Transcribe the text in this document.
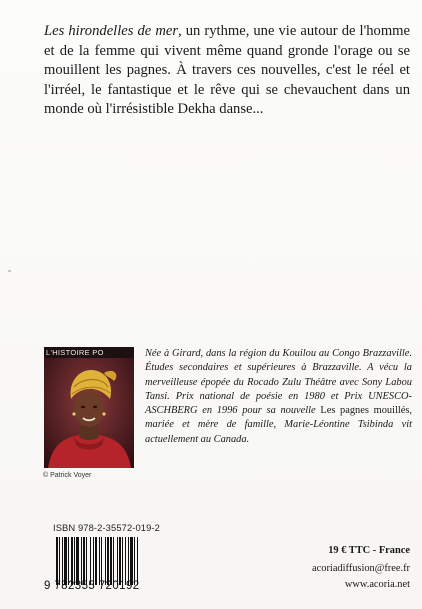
Les hirondelles de mer, un rythme, une vie autour de l'homme et de la femme qui vivent même quand gronde l'orage ou se mouillent les pagnes. À travers ces nouvelles, c'est le réel et l'irréel, le fantastique et le rêve qui se chevauchent dans un monde où l'irrésistible Dekha danse...

L'HISTOIRE PO
© Patrick Voyer

Née à Girard, dans la région du Kouilou au Congo Brazzaville. Études secondaires et supérieures à Brazzaville. A vécu la merveilleuse épopée du Rocado Zulu Théâtre avec Sony Labou Tansi. Prix national de poésie en 1980 et Prix UNESCO-ASCHBERG en 1996 pour sa nouvelle Les pagnes mouillés, mariée et mère de famille, Marie-Léontine Tsibinda vit actuellement au Canada.

ISBN 978-2-35572-019-2
9 782355 720192
19 € TTC - France
acoriadiffusion@free.fr
www.acoria.net
